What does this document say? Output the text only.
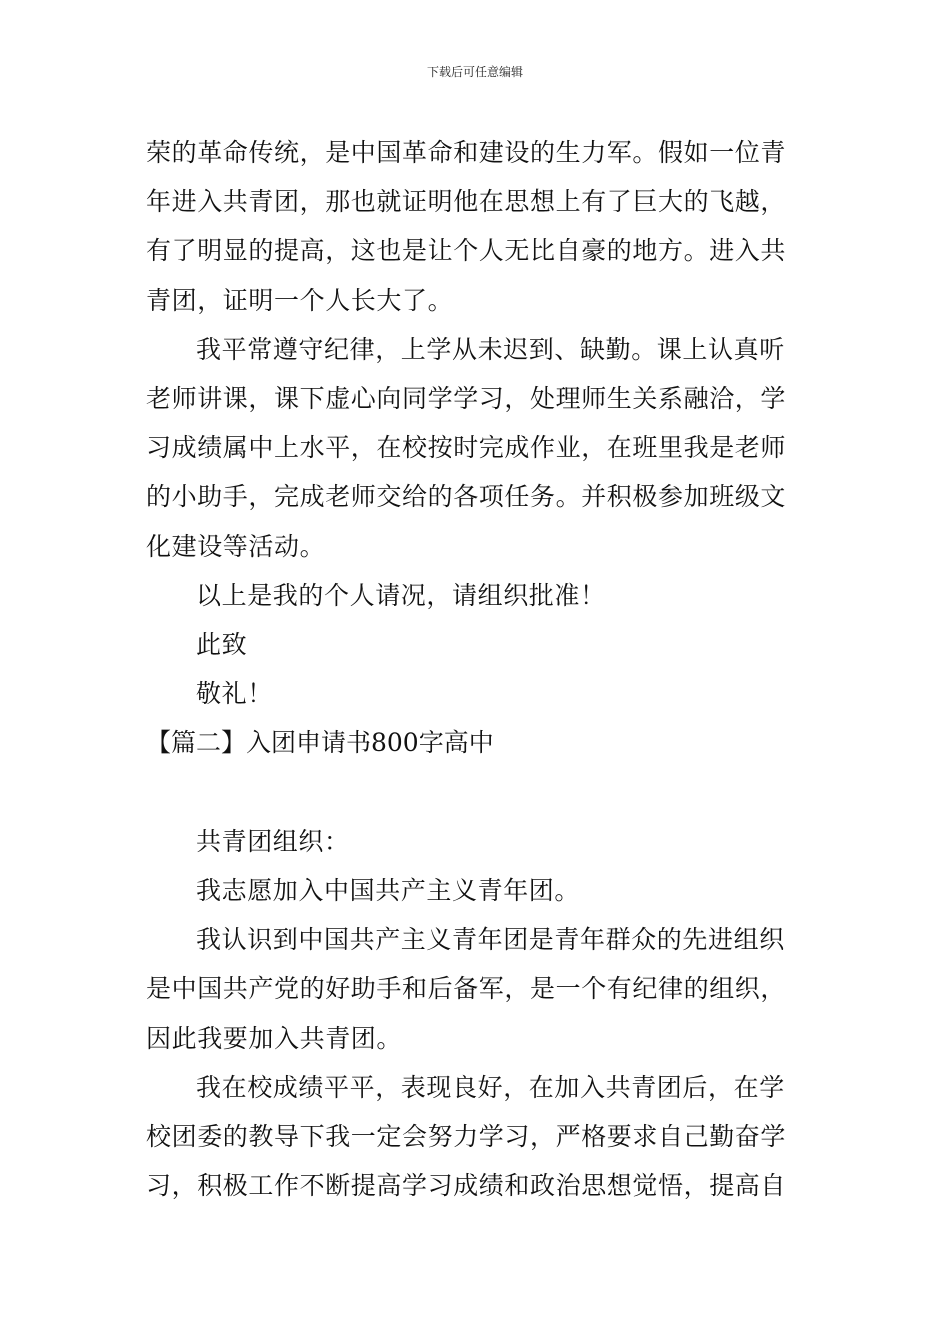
下载后可任意编辑
荣的革命传统，是中国革命和建设的生力军。假如一位青
年进入共青团，那也就证明他在思想上有了巨大的飞越，
有了明显的提高，这也是让个人无比自豪的地方。进入共
青团，证明一个人长大了。
我平常遵守纪律，上学从未迟到、缺勤。课上认真听
老师讲课，课下虚心向同学学习，处理师生关系融洽，学
习成绩属中上水平，在校按时完成作业，在班里我是老师
的小助手，完成老师交给的各项任务。并积极参加班级文
化建设等活动。
以上是我的个人请况，请组织批准！
此致
敬礼！
【篇二】入团申请书800字高中
共青团组织：
我志愿加入中国共产主义青年团。
我认识到中国共产主义青年团是青年群众的先进组织
是中国共产党的好助手和后备军，是一个有纪律的组织，
因此我要加入共青团。
我在校成绩平平，表现良好，在加入共青团后，在学
校团委的教导下我一定会努力学习，严格要求自己勤奋学
习，积极工作不断提高学习成绩和政治思想觉悟，提高自
